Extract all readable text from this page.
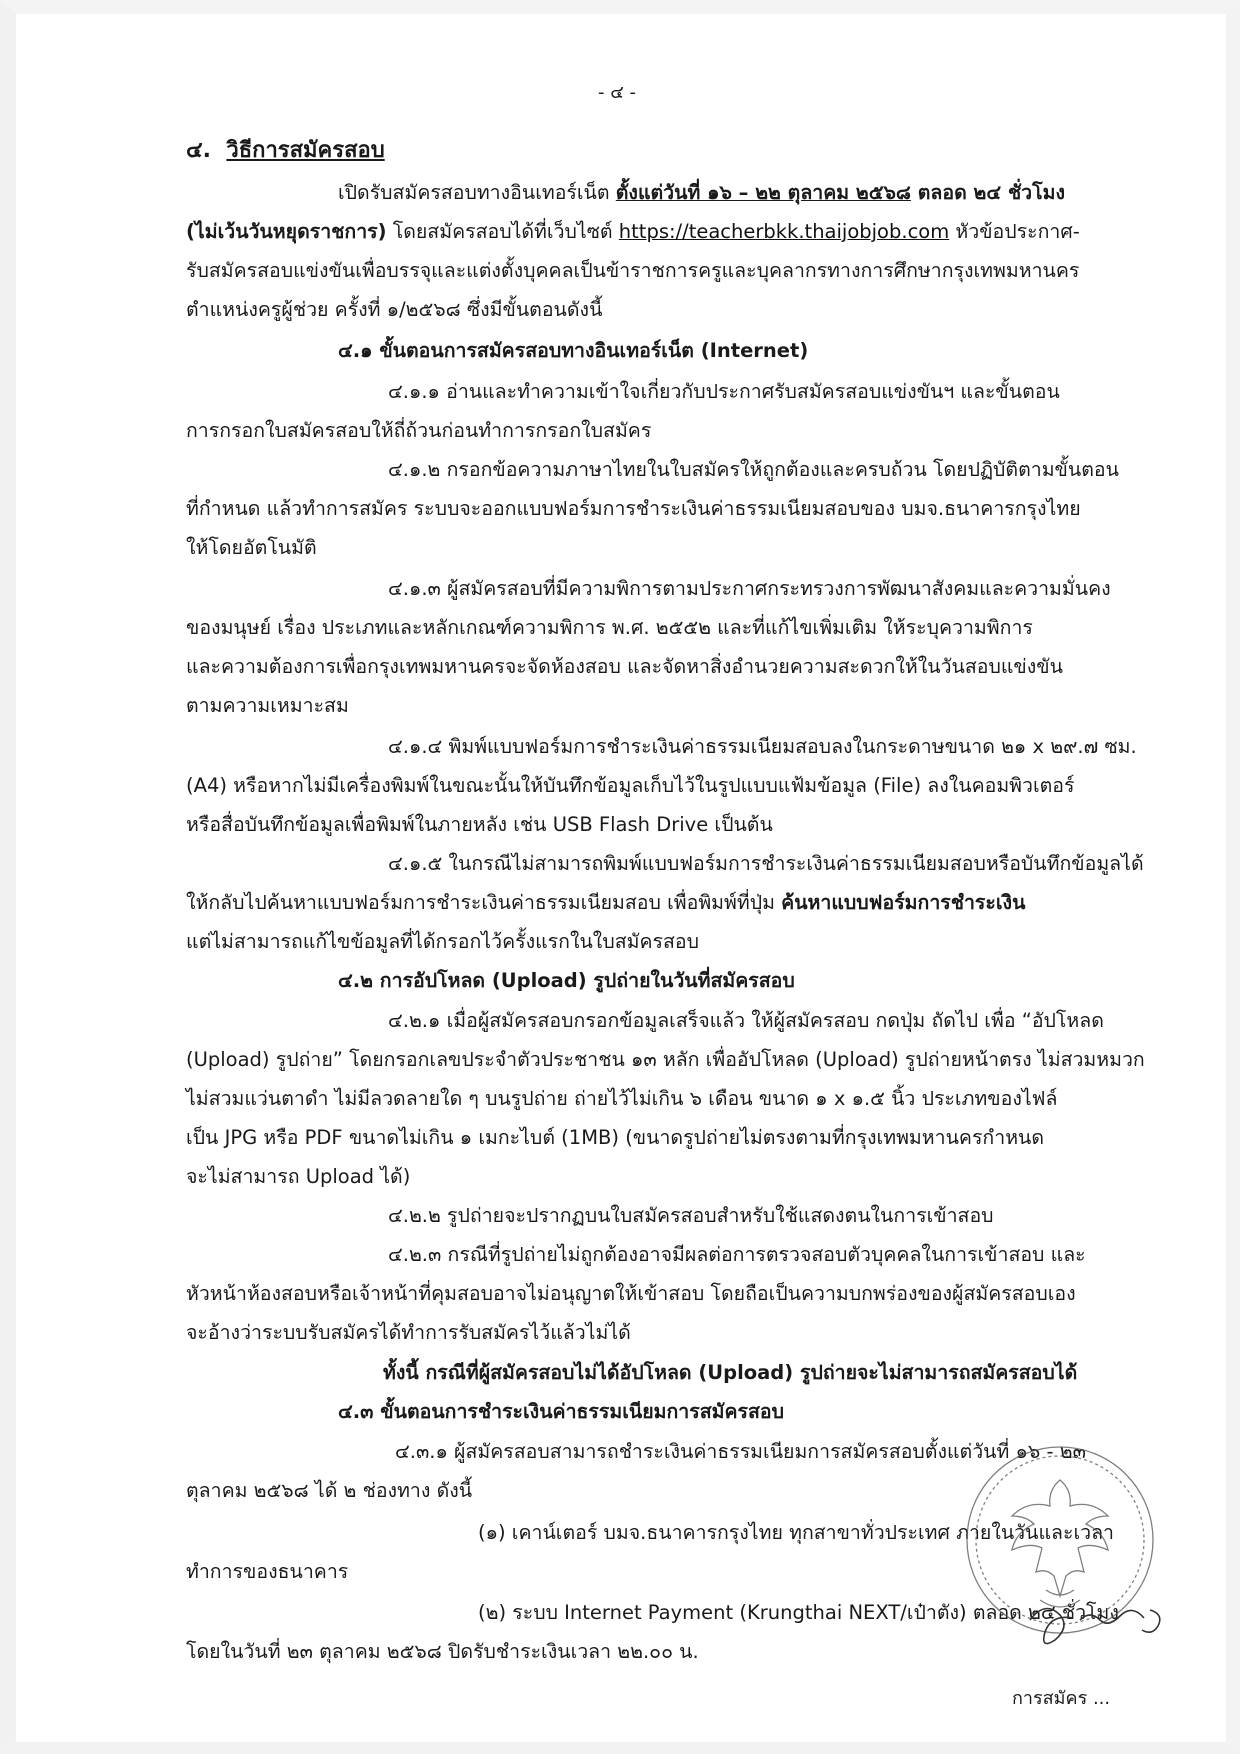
- ๔ -
๔. วิธีการสมัครสอบ
เปิดรับสมัครสอบทางอินเทอร์เน็ต ตั้งแต่วันที่ ๑๖ – ๒๒ ตุลาคม ๒๕๖๘ ตลอด ๒๔ ชั่วโมง
(ไม่เว้นวันหยุดราชการ) โดยสมัครสอบได้ที่เว็บไซต์ https://teacherbkk.thaijobjob.com หัวข้อประกาศ-
รับสมัครสอบแข่งขันเพื่อบรรจุและแต่งตั้งบุคคลเป็นข้าราชการครูและบุคลากรทางการศึกษากรุงเทพมหานคร
ตำแหน่งครูผู้ช่วย ครั้งที่ ๑/๒๕๖๘ ซึ่งมีขั้นตอนดังนี้
๔.๑ ขั้นตอนการสมัครสอบทางอินเทอร์เน็ต (Internet)
๔.๑.๑ อ่านและทำความเข้าใจเกี่ยวกับประกาศรับสมัครสอบแข่งขันฯ และขั้นตอน
การกรอกใบสมัครสอบให้ถี่ถ้วนก่อนทำการกรอกใบสมัคร
๔.๑.๒ กรอกข้อความภาษาไทยในใบสมัครให้ถูกต้องและครบถ้วน โดยปฏิบัติตามขั้นตอน
ที่กำหนด แล้วทำการสมัคร ระบบจะออกแบบฟอร์มการชำระเงินค่าธรรมเนียมสอบของ บมจ.ธนาคารกรุงไทย
ให้โดยอัตโนมัติ
๔.๑.๓ ผู้สมัครสอบที่มีความพิการตามประกาศกระทรวงการพัฒนาสังคมและความมั่นคง
ของมนุษย์ เรื่อง ประเภทและหลักเกณฑ์ความพิการ พ.ศ. ๒๕๕๒ และที่แก้ไขเพิ่มเติม ให้ระบุความพิการ
และความต้องการเพื่อกรุงเทพมหานครจะจัดห้องสอบ และจัดหาสิ่งอำนวยความสะดวกให้ในวันสอบแข่งขัน
ตามความเหมาะสม
๔.๑.๔ พิมพ์แบบฟอร์มการชำระเงินค่าธรรมเนียมสอบลงในกระดาษขนาด ๒๑ x ๒๙.๗ ซม.
(A4) หรือหากไม่มีเครื่องพิมพ์ในขณะนั้นให้บันทึกข้อมูลเก็บไว้ในรูปแบบแฟ้มข้อมูล (File) ลงในคอมพิวเตอร์
หรือสื่อบันทึกข้อมูลเพื่อพิมพ์ในภายหลัง เช่น USB Flash Drive เป็นต้น
๔.๑.๕ ในกรณีไม่สามารถพิมพ์แบบฟอร์มการชำระเงินค่าธรรมเนียมสอบหรือบันทึกข้อมูลได้
ให้กลับไปค้นหาแบบฟอร์มการชำระเงินค่าธรรมเนียมสอบ เพื่อพิมพ์ที่ปุ่ม ค้นหาแบบฟอร์มการชำระเงิน
แต่ไม่สามารถแก้ไขข้อมูลที่ได้กรอกไว้ครั้งแรกในใบสมัครสอบ
๔.๒ การอัปโหลด (Upload) รูปถ่ายในวันที่สมัครสอบ
๔.๒.๑ เมื่อผู้สมัครสอบกรอกข้อมูลเสร็จแล้ว ให้ผู้สมัครสอบ กดปุ่ม ถัดไป เพื่อ “อัปโหลด
(Upload) รูปถ่าย” โดยกรอกเลขประจำตัวประชาชน ๑๓ หลัก เพื่ออัปโหลด (Upload) รูปถ่ายหน้าตรง ไม่สวมหมวก
ไม่สวมแว่นตาดำ ไม่มีลวดลายใด ๆ บนรูปถ่าย ถ่ายไว้ไม่เกิน ๖ เดือน ขนาด ๑ x ๑.๕ นิ้ว ประเภทของไฟล์
เป็น JPG หรือ PDF ขนาดไม่เกิน ๑ เมกะไบต์ (1MB) (ขนาดรูปถ่ายไม่ตรงตามที่กรุงเทพมหานครกำหนด
จะไม่สามารถ Upload ได้)
๔.๒.๒ รูปถ่ายจะปรากฏบนใบสมัครสอบสำหรับใช้แสดงตนในการเข้าสอบ
๔.๒.๓ กรณีที่รูปถ่ายไม่ถูกต้องอาจมีผลต่อการตรวจสอบตัวบุคคลในการเข้าสอบ และ
หัวหน้าห้องสอบหรือเจ้าหน้าที่คุมสอบอาจไม่อนุญาตให้เข้าสอบ โดยถือเป็นความบกพร่องของผู้สมัครสอบเอง
จะอ้างว่าระบบรับสมัครได้ทำการรับสมัครไว้แล้วไม่ได้
ทั้งนี้ กรณีที่ผู้สมัครสอบไม่ได้อัปโหลด (Upload) รูปถ่ายจะไม่สามารถสมัครสอบได้
๔.๓ ขั้นตอนการชำระเงินค่าธรรมเนียมการสมัครสอบ
๔.๓.๑ ผู้สมัครสอบสามารถชำระเงินค่าธรรมเนียมการสมัครสอบตั้งแต่วันที่ ๑๖ - ๒๓
ตุลาคม ๒๕๖๘ ได้ ๒ ช่องทาง ดังนี้
(๑) เคาน์เตอร์ บมจ.ธนาคารกรุงไทย ทุกสาขาทั่วประเทศ ภายในวันและเวลา
ทำการของธนาคาร
(๒) ระบบ Internet Payment (Krungthai NEXT/เป๋าตัง) ตลอด ๒๔ ชั่วโมง
โดยในวันที่ ๒๓ ตุลาคม ๒๕๖๘ ปิดรับชำระเงินเวลา ๒๒.๐๐ น.
การสมัคร ...
